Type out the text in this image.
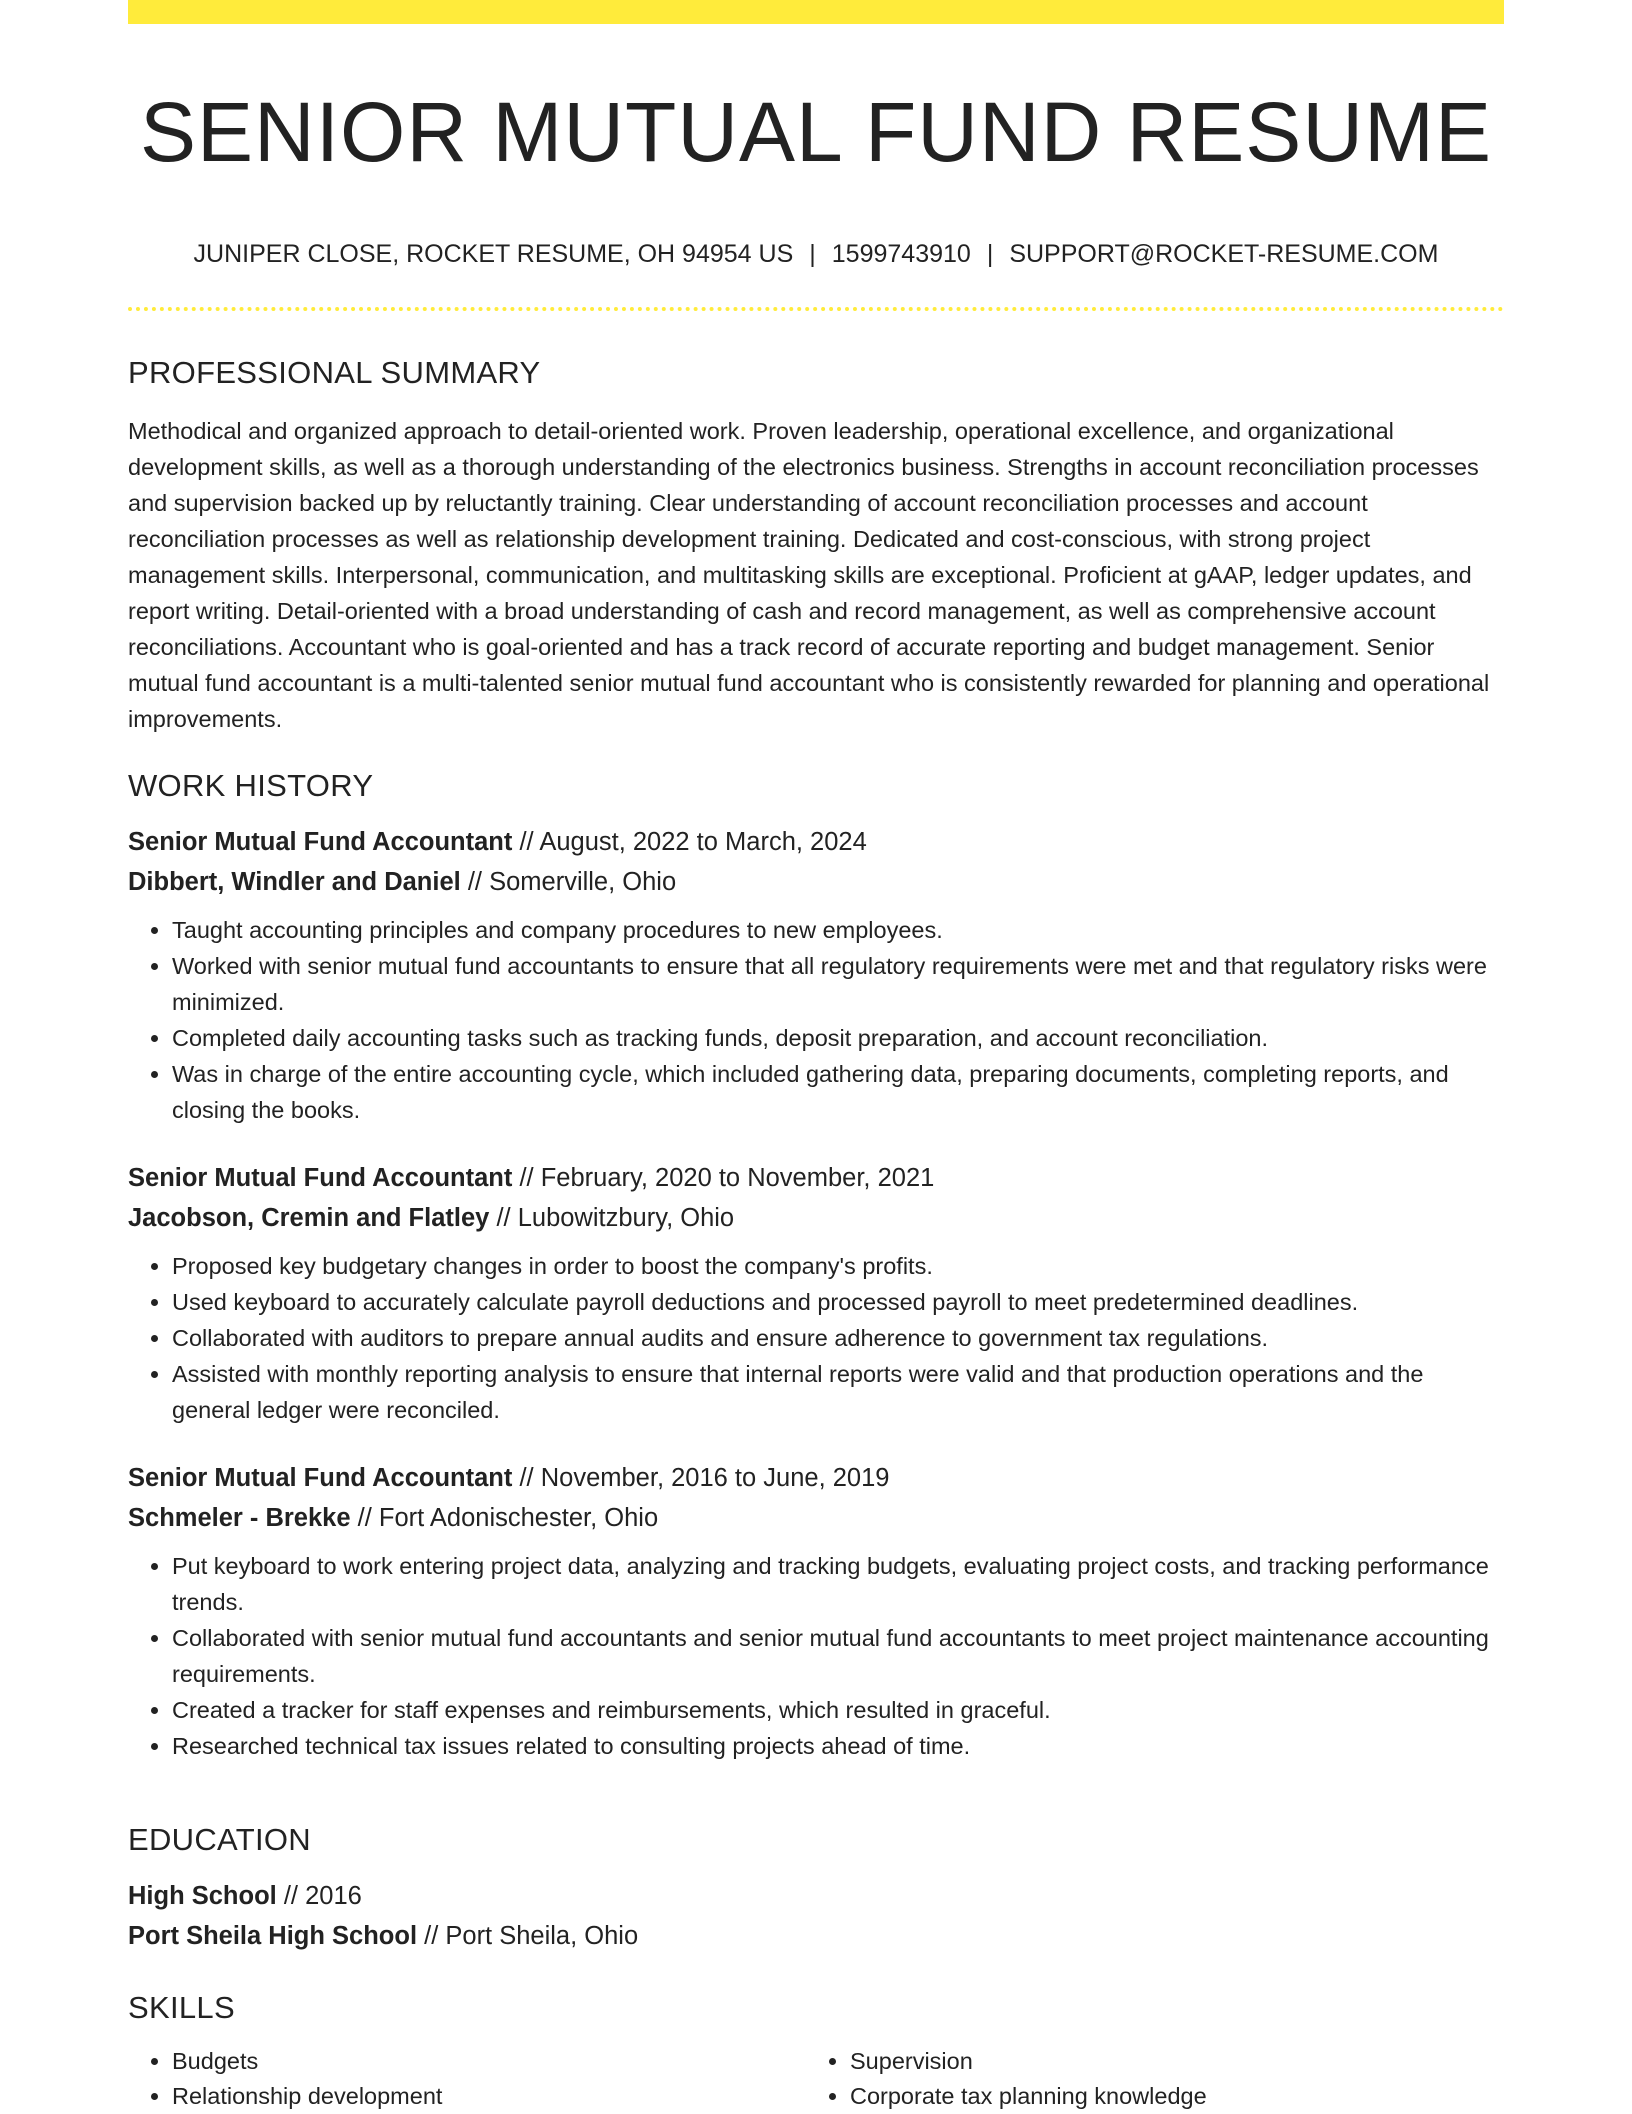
SENIOR MUTUAL FUND RESUME
JUNIPER CLOSE, ROCKET RESUME, OH 94954 US | 1599743910 | SUPPORT@ROCKET-RESUME.COM
PROFESSIONAL SUMMARY

Methodical and organized approach to detail-oriented work. Proven leadership, operational excellence, and organizational development skills, as well as a thorough understanding of the electronics business. Strengths in account reconciliation processes and supervision backed up by reluctantly training. Clear understanding of account reconciliation processes and account reconciliation processes as well as relationship development training. Dedicated and cost-conscious, with strong project management skills. Interpersonal, communication, and multitasking skills are exceptional. Proficient at gAAP, ledger updates, and report writing. Detail-oriented with a broad understanding of cash and record management, as well as comprehensive account reconciliations. Accountant who is goal-oriented and has a track record of accurate reporting and budget management. Senior mutual fund accountant is a multi-talented senior mutual fund accountant who is consistently rewarded for planning and operational improvements.

WORK HISTORY
Senior Mutual Fund Accountant // August, 2022 to March, 2024
Dibbert, Windler and Daniel // Somerville, Ohio
• Taught accounting principles and company procedures to new employees.
• Worked with senior mutual fund accountants to ensure that all regulatory requirements were met and that regulatory risks were minimized.
• Completed daily accounting tasks such as tracking funds, deposit preparation, and account reconciliation.
• Was in charge of the entire accounting cycle, which included gathering data, preparing documents, completing reports, and closing the books.
Senior Mutual Fund Accountant // February, 2020 to November, 2021
Jacobson, Cremin and Flatley // Lubowitzbury, Ohio
• Proposed key budgetary changes in order to boost the company's profits.
• Used keyboard to accurately calculate payroll deductions and processed payroll to meet predetermined deadlines.
• Collaborated with auditors to prepare annual audits and ensure adherence to government tax regulations.
• Assisted with monthly reporting analysis to ensure that internal reports were valid and that production operations and the general ledger were reconciled.
Senior Mutual Fund Accountant // November, 2016 to June, 2019
Schmeler - Brekke // Fort Adonischester, Ohio
• Put keyboard to work entering project data, analyzing and tracking budgets, evaluating project costs, and tracking performance trends.
• Collaborated with senior mutual fund accountants and senior mutual fund accountants to meet project maintenance accounting requirements.
• Created a tracker for staff expenses and reimbursements, which resulted in graceful.
• Researched technical tax issues related to consulting projects ahead of time.
EDUCATION
High School // 2016
Port Sheila High School // Port Sheila, Ohio
SKILLS
• Budgets
• Relationship development
• Supervision
• Corporate tax planning knowledge
